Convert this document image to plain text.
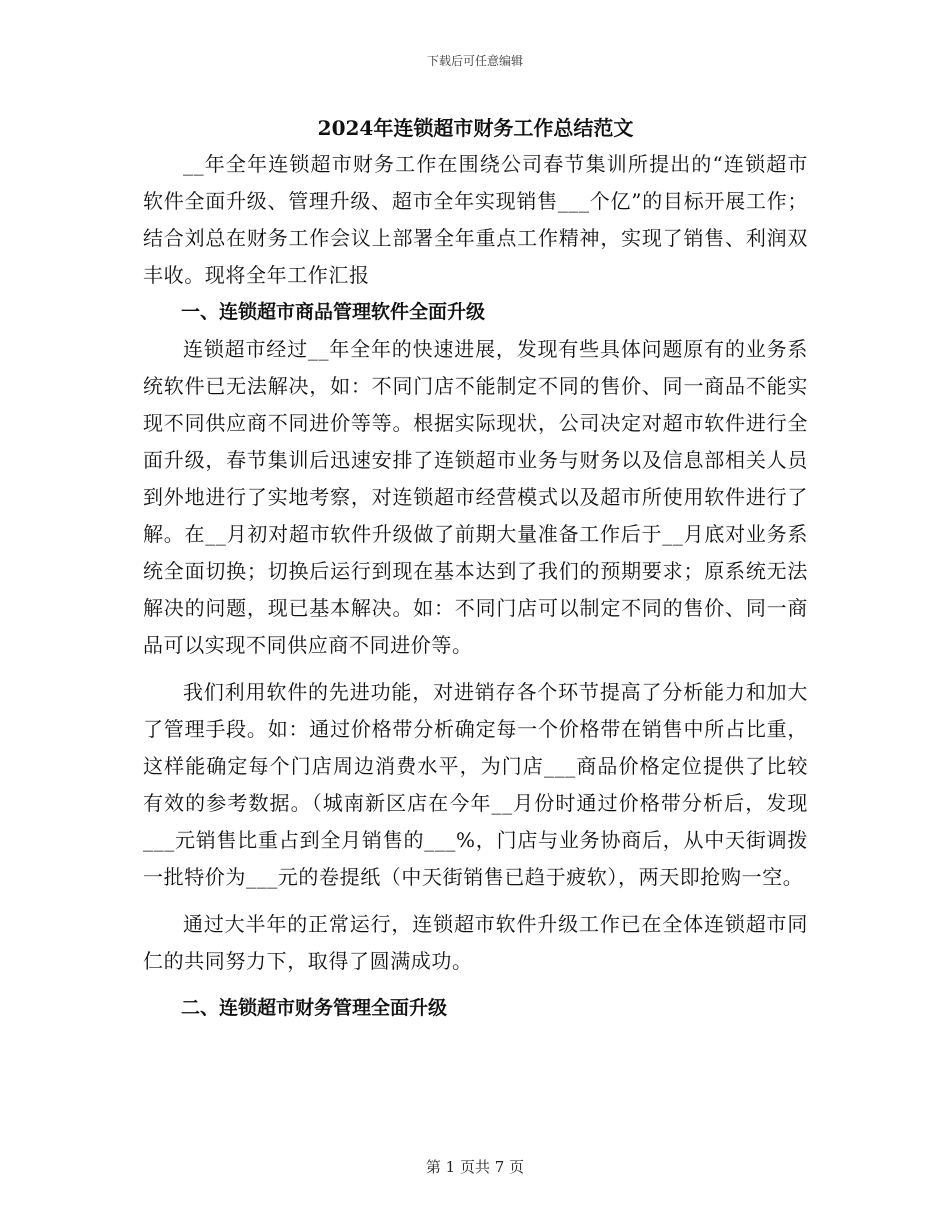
下载后可任意编辑
2024年连锁超市财务工作总结范文

__年全年连锁超市财务工作在围绕公司春节集训所提出的“连锁超市软件全面升级、管理升级、超市全年实现销售___个亿”的目标开展工作；结合刘总在财务工作会议上部署全年重点工作精神，实现了销售、利润双丰收。现将全年工作汇报

一、连锁超市商品管理软件全面升级

连锁超市经过__年全年的快速进展，发现有些具体问题原有的业务系统软件已无法解决，如：不同门店不能制定不同的售价、同一商品不能实现不同供应商不同进价等等。根据实际现状，公司决定对超市软件进行全面升级，春节集训后迅速安排了连锁超市业务与财务以及信息部相关人员到外地进行了实地考察，对连锁超市经营模式以及超市所使用软件进行了解。在__月初对超市软件升级做了前期大量准备工作后于__月底对业务系统全面切换；切换后运行到现在基本达到了我们的预期要求；原系统无法解决的问题，现已基本解决。如：不同门店可以制定不同的售价、同一商品可以实现不同供应商不同进价等。

我们利用软件的先进功能，对进销存各个环节提高了分析能力和加大了管理手段。如：通过价格带分析确定每一个价格带在销售中所占比重，这样能确定每个门店周边消费水平，为门店___商品价格定位提供了比较有效的参考数据。（城南新区店在今年__月份时通过价格带分析后，发现___元销售比重占到全月销售的___%，门店与业务协商后，从中天街调拨一批特价为___元的卷提纸（中天街销售已趋于疲软），两天即抢购一空。

通过大半年的正常运行，连锁超市软件升级工作已在全体连锁超市同仁的共同努力下，取得了圆满成功。

二、连锁超市财务管理全面升级

第 1 页共 7 页
